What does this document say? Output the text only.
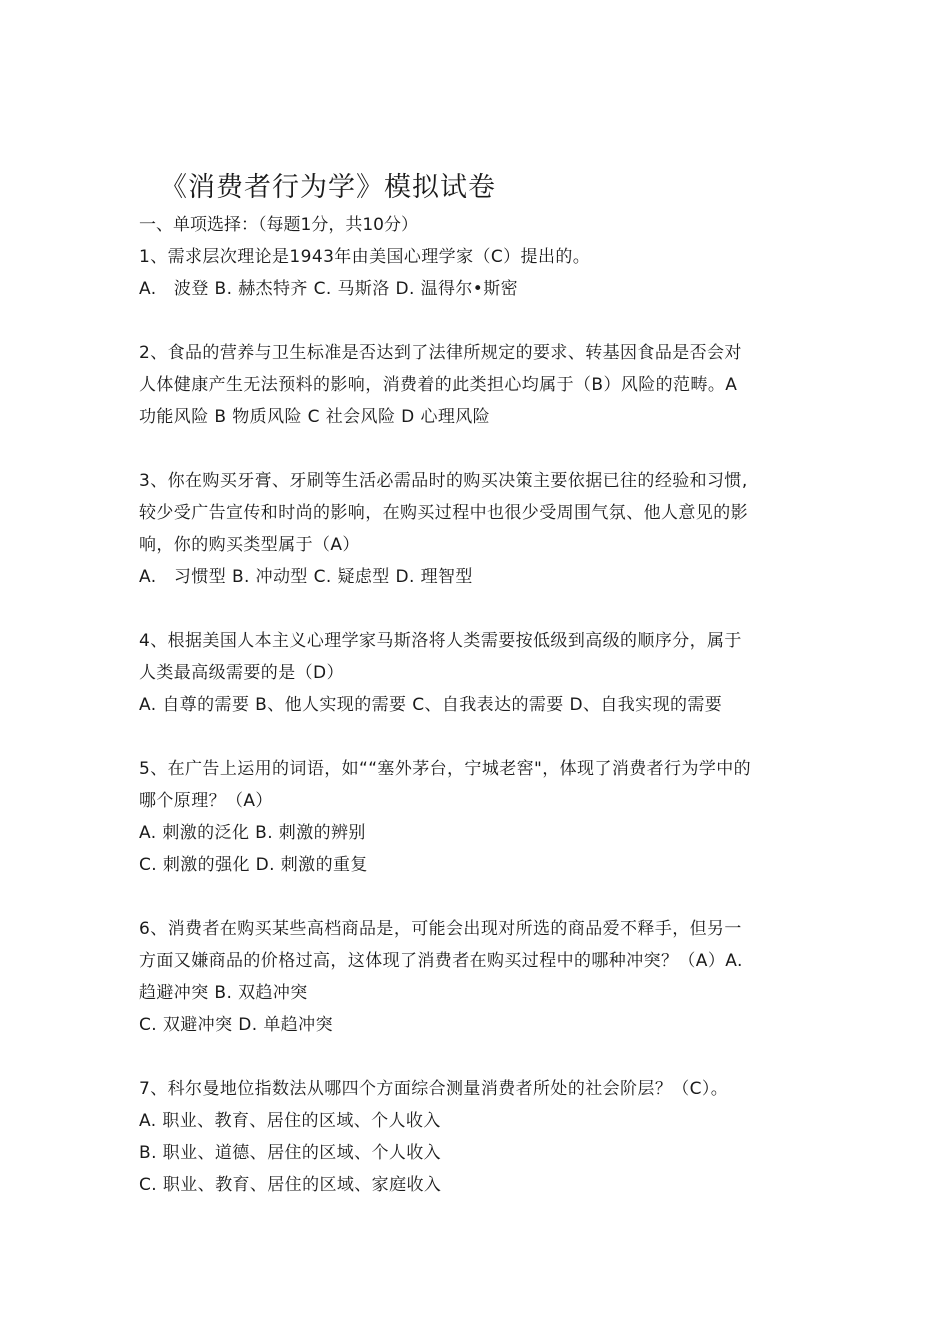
《消费者行为学》模拟试卷
一、单项选择：（每题1分，共10分）
1、需求层次理论是1943年由美国心理学家（C）提出的。
A.　波登 B. 赫杰特齐 C. 马斯洛 D. 温得尔•斯密
2、食品的营养与卫生标准是否达到了法律所规定的要求、转基因食品是否会对
人体健康产生无法预料的影响，消费着的此类担心均属于（B）风险的范畴。A
功能风险 B 物质风险 C 社会风险 D 心理风险
3、你在购买牙膏、牙刷等生活必需品时的购买决策主要依据已往的经验和习惯,
较少受广告宣传和时尚的影响，在购买过程中也很少受周围气氛、他人意见的影
响，你的购买类型属于（A）
A.　习惯型 B. 冲动型 C. 疑虑型 D. 理智型
4、根据美国人本主义心理学家马斯洛将人类需要按低级到高级的顺序分，属于
人类最高级需要的是（D）
A. 自尊的需要 B、他人实现的需要 C、自我表达的需要 D、自我实现的需要
5、在广告上运用的词语，如““塞外茅台，宁城老窖"，体现了消费者行为学中的
哪个原理？（A）
A. 刺激的泛化 B. 刺激的辨别
C. 刺激的强化 D. 刺激的重复
6、消费者在购买某些高档商品是，可能会出现对所选的商品爱不释手，但另一
方面又嫌商品的价格过高，这体现了消费者在购买过程中的哪种冲突？（A）A.
趋避冲突 B. 双趋冲突
C. 双避冲突 D. 单趋冲突
7、科尔曼地位指数法从哪四个方面综合测量消费者所处的社会阶层？（C）。
A. 职业、教育、居住的区域、个人收入
B. 职业、道德、居住的区域、个人收入
C. 职业、教育、居住的区域、家庭收入
